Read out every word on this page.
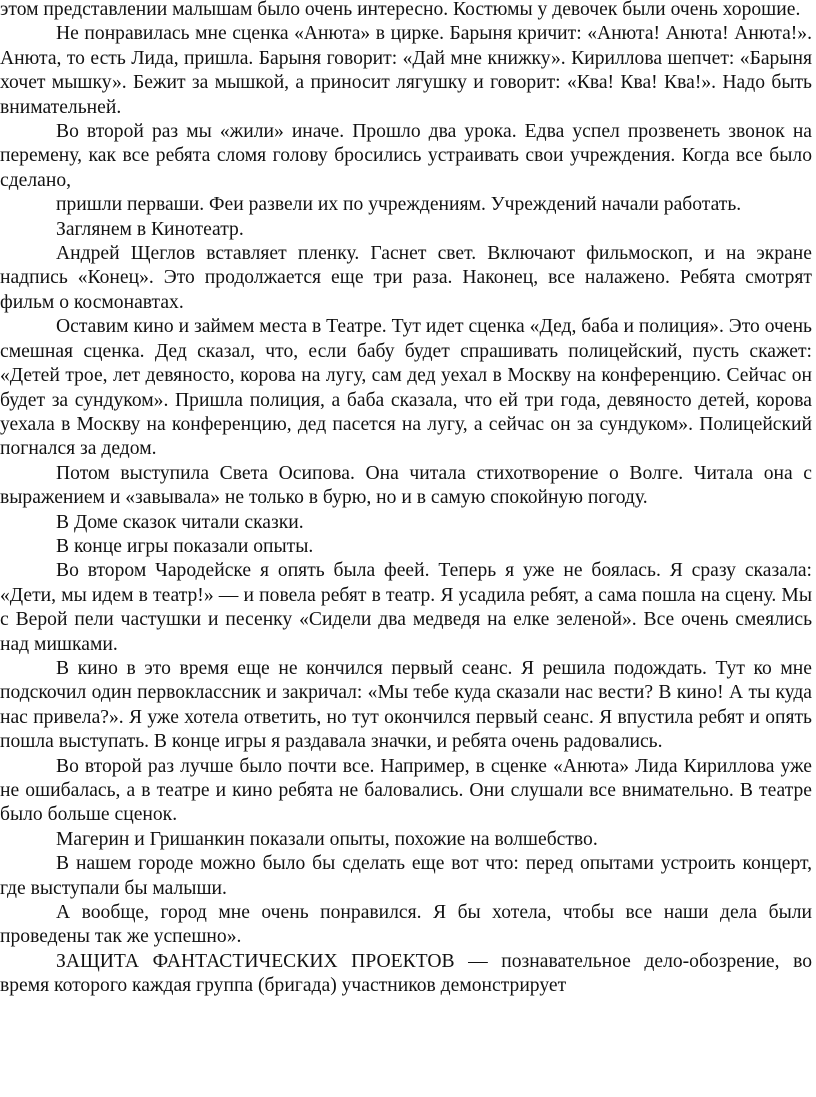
этом представлении малышам было очень интересно. Костюмы у девочек были очень хорошие.

Не понравилась мне сценка «Анюта» в цирке. Барыня кричит: «Анюта! Анюта! Анюта!». Анюта, то есть Лида, пришла. Барыня говорит: «Дай мне книжку». Кириллова шепчет: «Барыня хочет мышку». Бежит за мышкой, а приносит лягушку и говорит: «Ква! Ква! Ква!». Надо быть внимательней.

Во второй раз мы «жили» иначе. Прошло два урока. Едва успел прозвенеть звонок на перемену, как все ребята сломя голову бросились устраивать свои учреждения. Когда все было сделано,

пришли перваши. Феи развели их по учреждениям. Учреждений начали работать.

Заглянем в Кинотеатр.

Андрей Щеглов вставляет пленку. Гаснет свет. Включают фильмоскоп, и на экране надпись «Конец». Это продолжается еще три раза. Наконец, все налажено. Ребята смотрят фильм о космонавтах.

Оставим кино и займем места в Театре. Тут идет сценка «Дед, баба и полиция». Это очень смешная сценка. Дед сказал, что, если бабу будет спрашивать полицейский, пусть скажет: «Детей трое, лет девяносто, корова на лугу, сам дед уехал в Москву на конференцию. Сейчас он будет за сундуком». Пришла полиция, а баба сказала, что ей три года, девяносто детей, корова уехала в Москву на конференцию, дед пасется на лугу, а сейчас он за сундуком». Полицейский погнался за дедом.

Потом выступила Света Осипова. Она читала стихотворение о Волге. Читала она с выражением и «завывала» не только в бурю, но и в самую спокойную погоду.

В Доме сказок читали сказки.

В конце игры показали опыты.

Во втором Чародейске я опять была феей. Теперь я уже не боялась. Я сразу сказала: «Дети, мы идем в театр!» — и повела ребят в театр. Я усадила ребят, а сама пошла на сцену. Мы с Верой пели частушки и песенку «Сидели два медведя на елке зеленой». Все очень смеялись над мишками.

В кино в это время еще не кончился первый сеанс. Я решила подождать. Тут ко мне подскочил один первоклассник и закричал: «Мы тебе куда сказали нас вести? В кино! А ты куда нас привела?». Я уже хотела ответить, но тут окончился первый сеанс. Я впустила ребят и опять пошла выступать. В конце игры я раздавала значки, и ребята очень радовались.

Во второй раз лучше было почти все. Например, в сценке «Анюта» Лида Кириллова уже не ошибалась, а в театре и кино ребята не баловались. Они слушали все внимательно. В театре было больше сценок.

Магерин и Гришанкин показали опыты, похожие на волшебство.

В нашем городе можно было бы сделать еще вот что: перед опытами устроить концерт, где выступали бы малыши.

А вообще, город мне очень понравился. Я бы хотела, чтобы все наши дела были проведены так же успешно».

ЗАЩИТА ФАНТАСТИЧЕСКИХ ПРОЕКТОВ — познавательное дело-обозрение, во время которого каждая группа (бригада) участников демонстрирует
